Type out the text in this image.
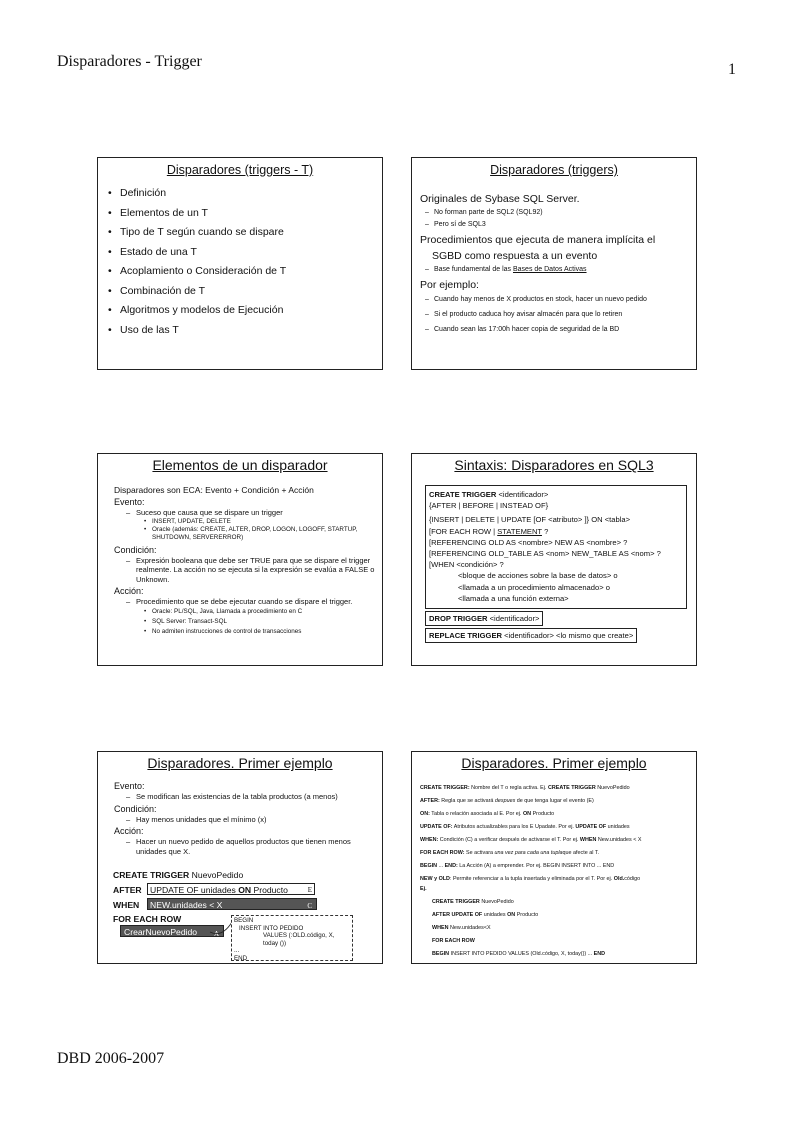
Disparadores - Trigger	1
Disparadores (triggers - T)
• Definición
• Elementos de un T
• Tipo de T según cuando se dispare
• Estado de una T
• Acoplamiento o Consideración de T
• Combinación de T
• Algoritmos y modelos de Ejecución
• Uso de las T
Disparadores (triggers)
Originales de Sybase SQL Server.
– No forman parte de SQL2 (SQL92)
– Pero sí de SQL3
Procedimientos que ejecuta de manera implícita el
SGBD como respuesta a un evento
– Base fundamental de las Bases de Datos Activas
Por ejemplo:
– Cuando hay menos de X productos en stock, hacer un nuevo pedido
– Si el producto caduca hoy avisar almacén para que lo retiren
– Cuando sean las 17:00h hacer copia de seguridad de la BD
Elementos de un disparador
Disparadores son ECA: Evento + Condición + Acción
Evento:
– Suceso que causa que se dispare un trigger
• INSERT, UPDATE, DELETE
• Oracle (además: CREATE, ALTER, DROP, LOGON, LOGOFF, STARTUP, SHUTDOWN, SERVERERROR)
Condición:
– Expresión booleana que debe ser TRUE para que se dispare el trigger realmente. La acción no se ejecuta si la expresión se evalúa a FALSE o Unknown.
Acción:
– Procedimiento que se debe ejecutar cuando se dispare el trigger.
• Oracle: PL/SQL, Java, Llamada a procedimiento en C
• SQL Server: Transact-SQL
• No admiten instrucciones de control de transacciones
Sintaxis: Disparadores en SQL3
CREATE TRIGGER <identificador>
{AFTER | BEFORE | INSTEAD OF}
{INSERT | DELETE | UPDATE [OF <atributo> ]} ON <tabla>
[FOR EACH ROW | STATEMENT ?
[REFERENCING OLD AS <nombre> NEW AS <nombre> ?
[REFERENCING OLD_TABLE AS <nom> NEW_TABLE AS <nom> ?
[WHEN <condición> ?
<bloque de acciones sobre la base de datos> o
<llamada a un procedimiento almacenado> o
<llamada a una función externa>
DROP TRIGGER <identificador>
REPLACE TRIGGER <identificador> <lo mismo que create>
Disparadores. Primer ejemplo
Evento:
– Se modifican las existencias de la tabla productos (a menos)
Condición:
– Hay menos unidades que el mínimo (x)
Acción:
– Hacer un nuevo pedido de aquellos productos que tienen menos unidades que X.
CREATE TRIGGER NuevoPedido
AFTER UPDATE OF unidades ON Producto	E
WHEN	NEW.unidades < X	C
FOR EACH ROW
CrearNuevoPedido A
BEGIN
INSERT INTO PEDIDO
VALUES (:OLD.código, X, today ())
...
END
Disparadores. Primer ejemplo
CREATE TRIGGER: Nombre del T o regla activa. Ej. CREATE TRIGGER NuevoPedido
AFTER: Regla que se activará despues de que tenga lugar el evento (E)
ON: Tabla o relación asociada al E. Por ej. ON Producto
UPDATE OF: Atributos actualizables para los E Upadate. Por ej. UPDATE OF unidades
WHEN: Condición (C) a verificar después de activarse el T. Por ej. WHEN New.unidades < X
FOR EACH ROW: Se activara una vez para cada una tuplaque afecte al T.
BEGIN ... END: La Acción (A) a emprender. Por ej. BEGIN INSERT INTO ... END
NEW y OLD: Permite referenciar a la tupla insertada y eliminada por el T. Por ej. Old.código
Ej.
CREATE TRIGGER NuevoPedido
AFTER UPDATE OF unidades ON Producto
WHEN New.unidades<X
FOR EACH ROW
BEGIN INSERT INTO PEDIDO VALUES (Old.código, X, today()) ... END
DBD 2006-2007
